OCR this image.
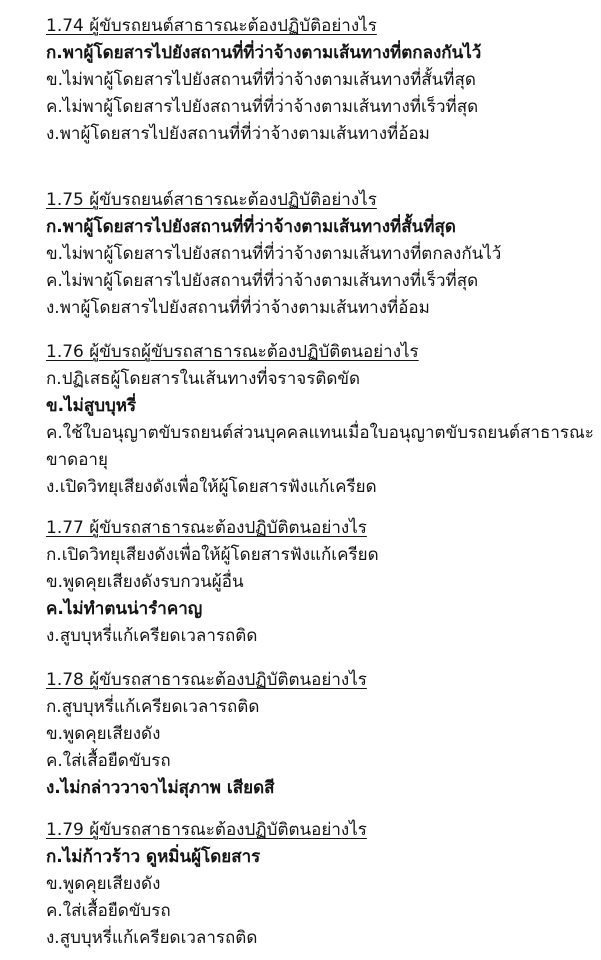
1.74 ผู้ขับรถยนต์สาธารณะต้องปฏิบัติอย่างไร
ก.พาผู้โดยสารไปยังสถานที่ที่ว่าจ้างตามเส้นทางที่ตกลงกันไว้
ข.ไม่พาผู้โดยสารไปยังสถานที่ที่ว่าจ้างตามเส้นทางที่สั้นที่สุด
ค.ไม่พาผู้โดยสารไปยังสถานที่ที่ว่าจ้างตามเส้นทางที่เร็วที่สุด
ง.พาผู้โดยสารไปยังสถานที่ที่ว่าจ้างตามเส้นทางที่อ้อม
1.75 ผู้ขับรถยนต์สาธารณะต้องปฏิบัติอย่างไร
ก.พาผู้โดยสารไปยังสถานที่ที่ว่าจ้างตามเส้นทางที่สั้นที่สุด
ข.ไม่พาผู้โดยสารไปยังสถานที่ที่ว่าจ้างตามเส้นทางที่ตกลงกันไว้
ค.ไม่พาผู้โดยสารไปยังสถานที่ที่ว่าจ้างตามเส้นทางที่เร็วที่สุด
ง.พาผู้โดยสารไปยังสถานที่ที่ว่าจ้างตามเส้นทางที่อ้อม
1.76 ผู้ขับรถผู้ขับรถสาธารณะต้องปฏิบัติตนอย่างไร
ก.ปฏิเสธผู้โดยสารในเส้นทางที่จราจรติดขัด
ข.ไม่สูบบุหรี่
ค.ใช้ใบอนุญาตขับรถยนต์ส่วนบุคคลแทนเมื่อใบอนุญาตขับรถยนต์สาธารณะขาดอายุ
ง.เปิดวิทยุเสียงดังเพื่อให้ผู้โดยสารฟังแก้เครียด
1.77 ผู้ขับรถสาธารณะต้องปฏิบัติตนอย่างไร
ก.เปิดวิทยุเสียงดังเพื่อให้ผู้โดยสารฟังแก้เครียด
ข.พูดคุยเสียงดังรบกวนผู้อื่น
ค.ไม่ทำตนน่ารำคาญ
ง.สูบบุหรี่แก้เครียดเวลารถติด
1.78 ผู้ขับรถสาธารณะต้องปฏิบัติตนอย่างไร
ก.สูบบุหรี่แก้เครียดเวลารถติด
ข.พูดคุยเสียงดัง
ค.ใส่เสื้อยืดขับรถ
ง.ไม่กล่าววาจาไม่สุภาพ เสียดสี
1.79 ผู้ขับรถสาธารณะต้องปฏิบัติตนอย่างไร
ก.ไม่ก้าวร้าว ดูหมิ่นผู้โดยสาร
ข.พูดคุยเสียงดัง
ค.ใส่เสื้อยืดขับรถ
ง.สูบบุหรี่แก้เครียดเวลารถติด
